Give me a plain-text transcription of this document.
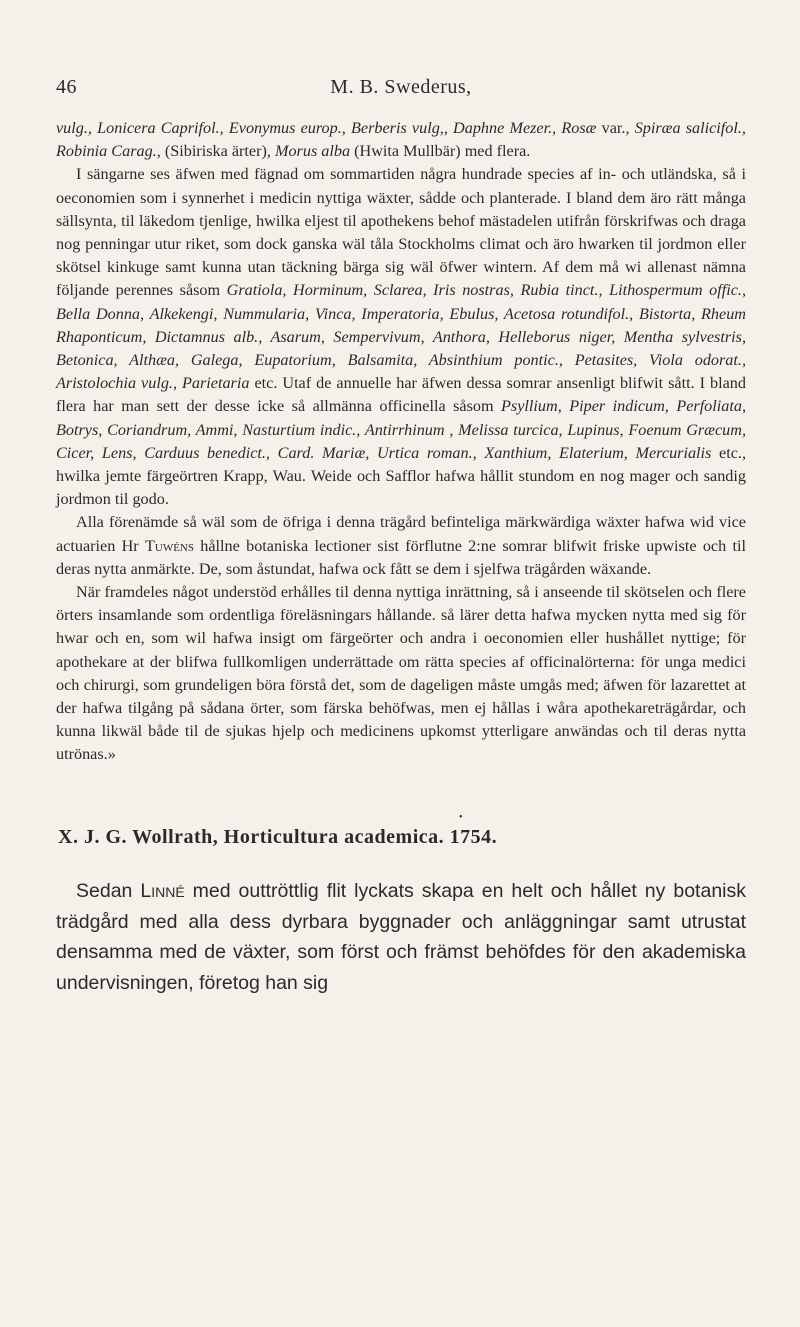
46	M. B. Swederus,

vulg., Lonicera Caprifol., Evonymus europ., Berberis vulg,, Daphne Mezer., Rosæ var., Spiræa salicifol., Robinia Carag., (Sibiriska ärter), Morus alba (Hwita Mullbär) med flera.

I sängarne ses äfwen med fägnad om sommartiden några hundrade species af in- och utländska, så i oeconomien som i synnerhet i medicin nyttiga wäxter, sådde och planterade. I bland dem äro rätt många sällsynta, til läkedom tjenlige, hwilka eljest til apothekens behof mästadelen utifrån förskrifwas och draga nog penningar utur riket, som dock ganska wäl tåla Stockholms climat och äro hwarken til jordmon eller skötsel kinkuge samt kunna utan täckning bärga sig wäl öfwer wintern. Af dem må wi allenast nämna följande perennes såsom Gratiola, Horminum, Sclarea, Iris nostras, Rubia tinct., Lithospermum offic., Bella Donna, Alkekengi, Nummularia, Vinca, Imperatoria, Ebulus, Acetosa rotundifol., Bistorta, Rheum Rhaponticum, Dictamnus alb., Asarum, Sempervivum, Anthora, Helleborus niger, Mentha sylvestris, Betonica, Althæa, Galega, Eupatorium, Balsamita, Absinthium pontic., Petasites, Viola odorat., Aristolochia vulg., Parietaria etc. Utaf de annuelle har äfwen dessa somrar ansenligt blifwit sått. I bland flera har man sett der desse icke så allmänna officinella såsom Psyllium, Piper indicum, Perfoliata, Botrys, Coriandrum, Ammi, Nasturtium indic., Antirrhinum , Melissa turcica, Lupinus, Foenum Græcum, Cicer, Lens, Carduus benedict., Card. Mariæ, Urtica roman., Xanthium, Elaterium, Mercurialis etc., hwilka jemte färgeörtren Krapp, Wau. Weide och Safflor hafwa hållit stundom en nog mager och sandig jordmon til godo.

Alla förenämde så wäl som de öfriga i denna trägård befinteliga märkwärdiga wäxter hafwa wid vice actuarien Hr Tuwéns hållne botaniska lectioner sist förflutne 2:ne somrar blifwit friske upwiste och til deras nytta anmärkte. De, som åstundat, hafwa ock fått se dem i sjelfwa trägården wäxande.

När framdeles något understöd erhålles til denna nyttiga inrättning, så i anseende til skötselen och flere örters insamlande som ordentliga föreläsningars hållande. så lärer detta hafwa mycken nytta med sig för hwar och en, som wil hafwa insigt om färgeörter och andra i oeconomien eller hushållet nyttige; för apothekare at der blifwa fullkomligen underrättade om rätta species af officinalörterna: för unga medici och chirurgi, som grundeligen böra förstå det, som de dageligen måste umgås med; äfwen för lazarettet at der hafwa tilgång på sådana örter, som färska behöfwas, men ej hållas i wåra apothekareträgårdar, och kunna likwäl både til de sjukas hjelp och medicinens upkomst ytterligare anwändas och til deras nytta utrönas.»

•
X. J. G. Wollrath, Horticultura academica. 1754.

Sedan Linné med outtröttlig flit lyckats skapa en helt och hållet ny botanisk trädgård med alla dess dyrbara byggnader och anläggningar samt utrustat densamma med de växter, som först och främst behöfdes för den akademiska undervisningen, företog han sig
